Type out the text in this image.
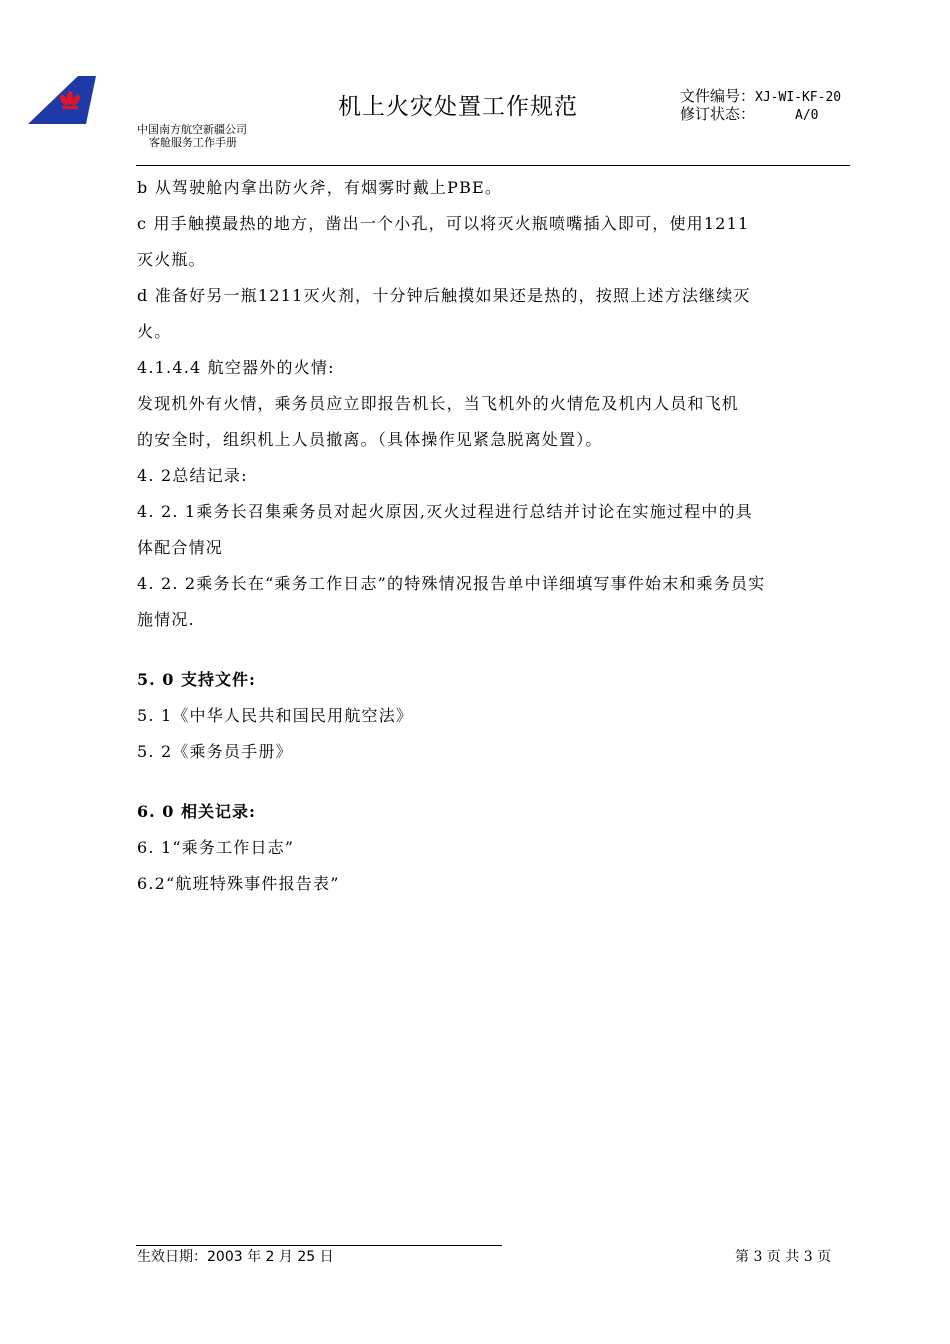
中国南方航空新疆公司
客舱服务工作手册
机上火灾处置工作规范	文件编号：XJ-WI-KF-20
修订状态：	A/0
b 从驾驶舱内拿出防火斧，有烟雾时戴上PBE。
c 用手触摸最热的地方，凿出一个小孔，可以将灭火瓶喷嘴插入即可，使用1211
灭火瓶。
d 准备好另一瓶1211灭火剂，十分钟后触摸如果还是热的，按照上述方法继续灭
火。
4.1.4.4 航空器外的火情:
发现机外有火情，乘务员应立即报告机长，当飞机外的火情危及机内人员和飞机
的安全时，组织机上人员撤离。（具体操作见紧急脱离处置）。
4. 2总结记录:
4. 2. 1乘务长召集乘务员对起火原因,灭火过程进行总结并讨论在实施过程中的具
体配合情况
4. 2. 2乘务长在“乘务工作日志”的特殊情况报告单中详细填写事件始末和乘务员实
施情况.
5. 0 支持文件:
5. 1《中华人民共和国民用航空法》
5. 2《乘务员手册》
6. 0 相关记录:
6. 1“乘务工作日志”
6.2“航班特殊事件报告表”
生效日期：2003 年 2 月 25 日	第 3 页 共 3 页
